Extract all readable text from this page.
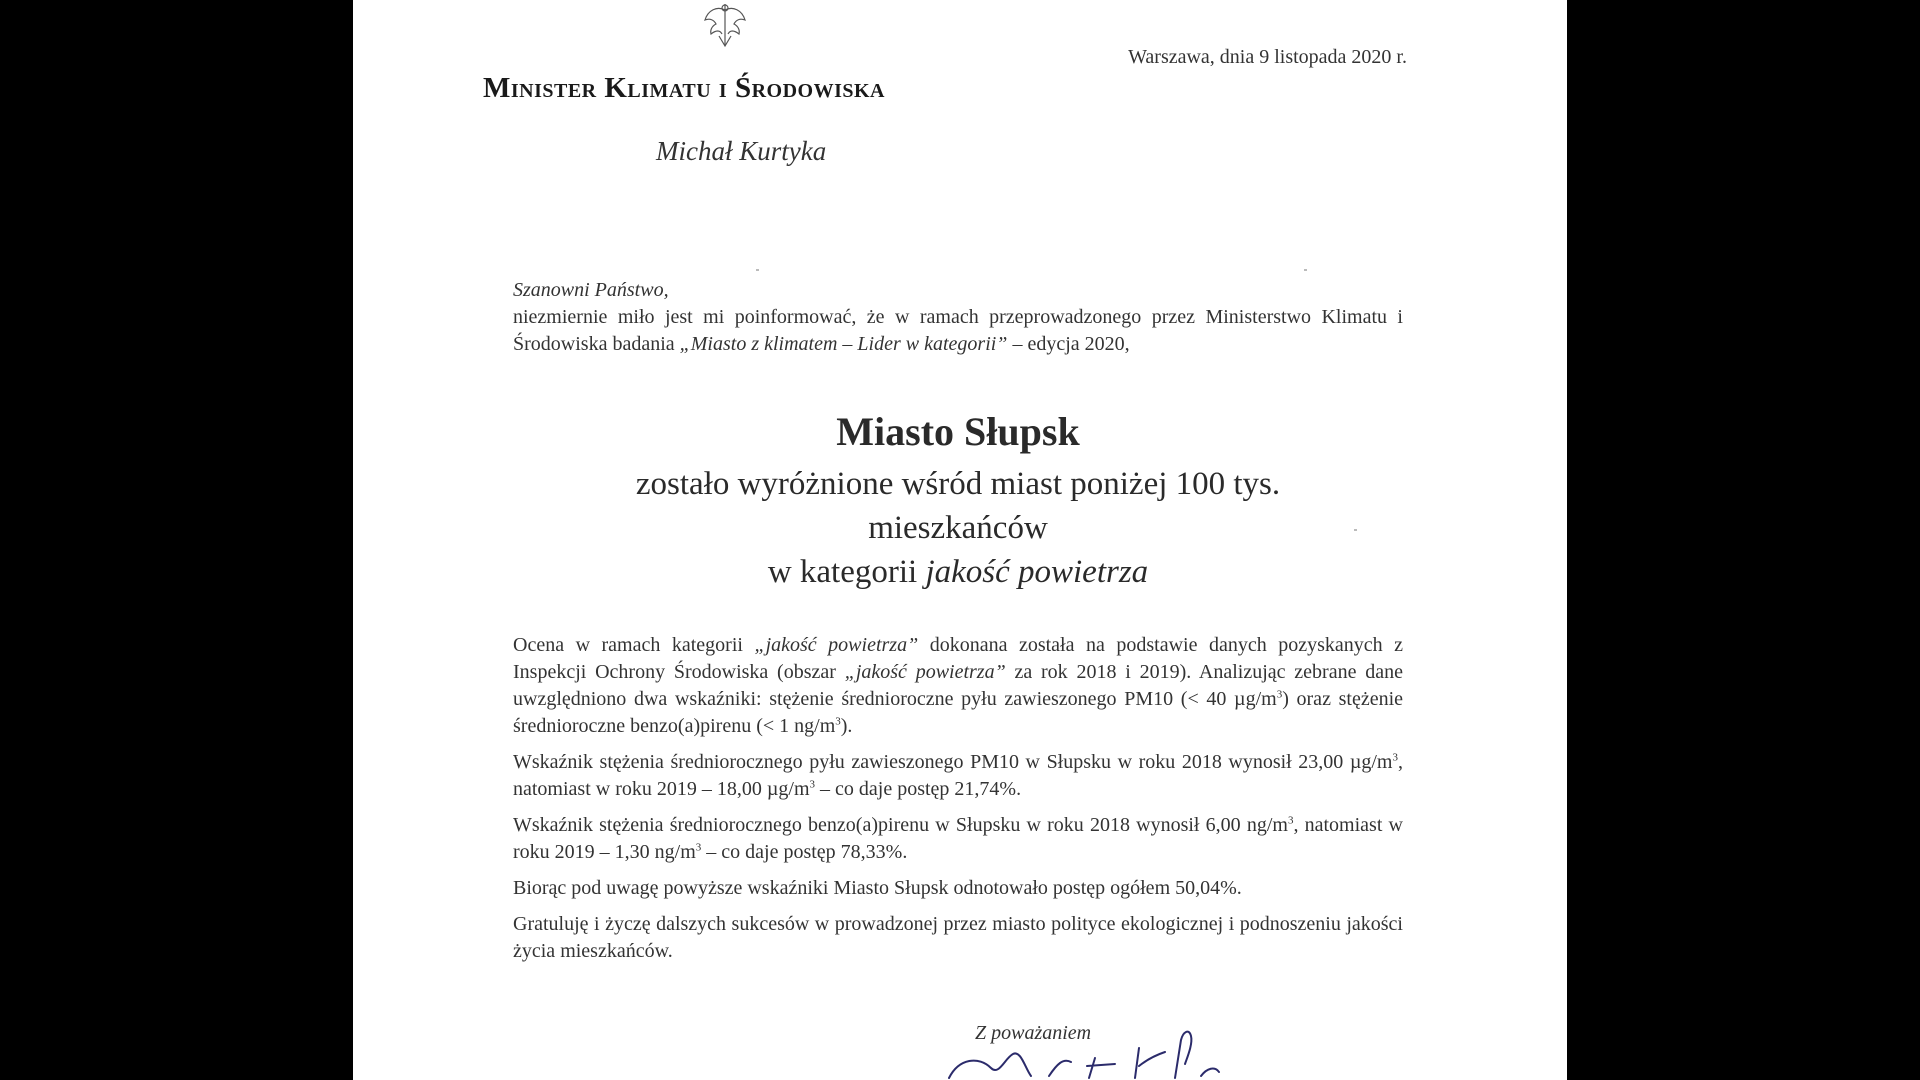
Warszawa, dnia 9 listopada 2020 r.
Minister Klimatu i Środowiska
Michał Kurtyka
Szanowni Państwo,
niezmiernie miło jest mi poinformować, że w ramach przeprowadzonego przez Ministerstwo Klimatu i Środowiska badania „Miasto z klimatem – Lider w kategorii” – edycja 2020,
Miasto Słupsk
zostało wyróżnione wśród miast poniżej 100 tys.
mieszkańców
w kategorii jakość powietrza

Ocena w ramach kategorii „jakość powietrza” dokonana została na podstawie danych pozyskanych z Inspekcji Ochrony Środowiska (obszar „jakość powietrza” za rok 2018 i 2019). Analizując zebrane dane uwzględniono dwa wskaźniki: stężenie średnioroczne pyłu zawieszonego PM10 (< 40 $\mu g/m^3$) oraz stężenie średnioroczne benzo(a)pirenu (< 1 $ng/m^3$).

Wskaźnik stężenia średniorocznego pyłu zawieszonego PM10 w Słupsku w roku 2018 wynosił 23,00 $\mu g/m^3$, natomiast w roku 2019 – 18,00 $\mu g/m^3$ – co daje postęp 21,74%.

Wskaźnik stężenia średniorocznego benzo(a)pirenu w Słupsku w roku 2018 wynosił 6,00 $ng/m^3$, natomiast w roku 2019 – 1,30 $ng/m^3$ – co daje postęp 78,33%.

Biorąc pod uwagę powyższe wskaźniki Miasto Słupsk odnotowało postęp ogółem 50,04%.

Gratuluję i życzę dalszych sukcesów w prowadzonej przez miasto polityce ekologicznej i podnoszeniu jakości życia mieszkańców.

Z poważaniem
